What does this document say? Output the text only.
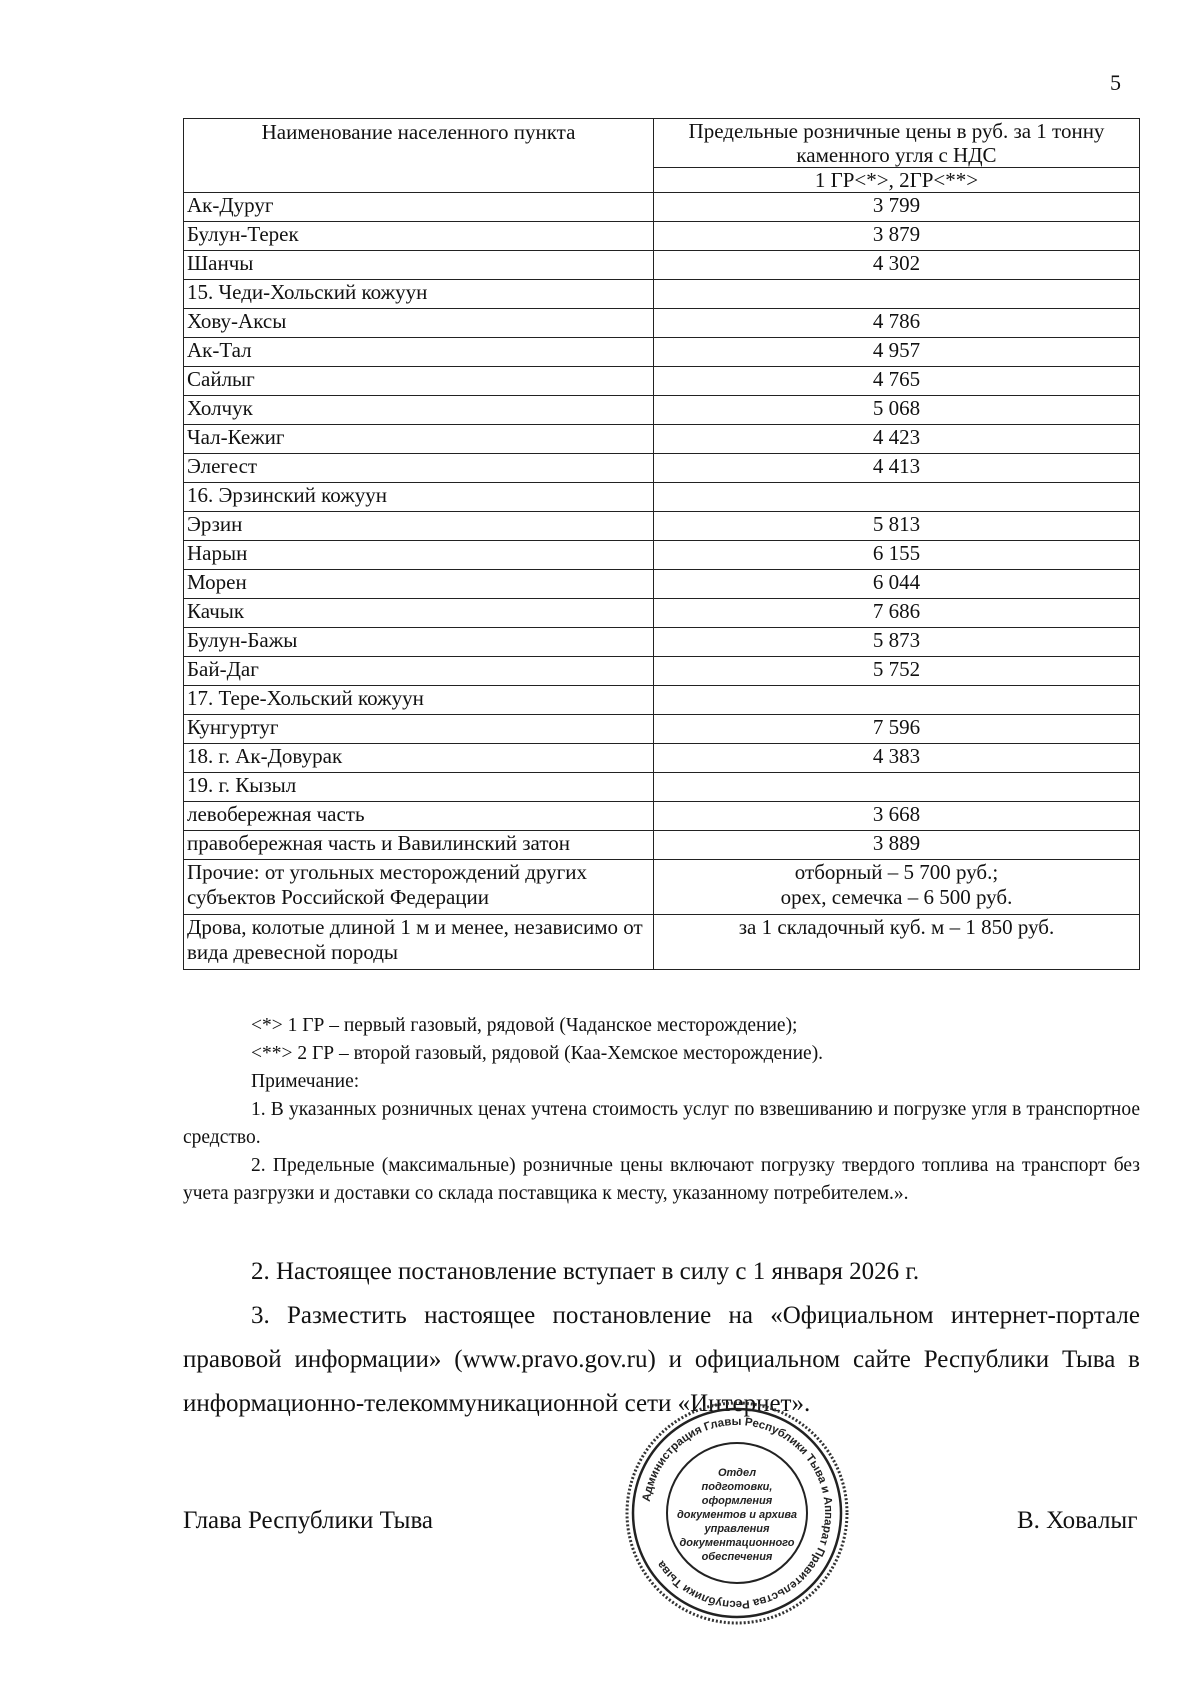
5
Наименование населенного пункта	Предельные розничные цены в руб. за 1 тонну каменного угля с НДС
	1 ГР<*>, 2ГР<**>
Ак-Дуруг	3 799
Булун-Терек	3 879
Шанчы	4 302
15. Чеди-Хольский кожуун	
Хову-Аксы	4 786
Ак-Тал	4 957
Сайлыг	4 765
Холчук	5 068
Чал-Кежиг	4 423
Элегест	4 413
16. Эрзинский кожуун	
Эрзин	5 813
Нарын	6 155
Морен	6 044
Качык	7 686
Булун-Бажы	5 873
Бай-Даг	5 752
17. Тере-Хольский кожуун	
Кунгуртуг	7 596
18. г. Ак-Довурак	4 383
19. г. Кызыл	
левобережная часть	3 668
правобережная часть и Вавилинский затон	3 889
Прочие: от угольных месторождений других субъектов Российской Федерации	отборный – 5 700 руб.;
орех, семечка – 6 500 руб.

Дрова, колотые длиной 1 м и менее, независимо от вида древесной породы	за 1 складочный куб. м – 1 850 руб.

<*> 1 ГР – первый газовый, рядовой (Чаданское месторождение);

<**> 2 ГР – второй газовый, рядовой (Каа-Хемское месторождение).

Примечание:

1. В указанных розничных ценах учтена стоимость услуг по взвешиванию и погрузке угля в транспортное средство.

2. Предельные (максимальные) розничные цены включают погрузку твердого топлива на транспорт без учета разгрузки и доставки со склада поставщика к месту, указанному потребителем.».

2. Настоящее постановление вступает в силу с 1 января 2026 г.

3. Разместить настоящее постановление на «Официальном интернет-портале правовой информации» (www.pravo.gov.ru) и официальном сайте Республики Тыва в информационно-телекоммуникационной сети «Интернет».

Глава Республики Тыва	В. Ховалыг
Администрация Главы Республики Тыва и Аппарат Правительства Республики Тыва
Отдел
подготовки,
оформления
документов и архива
управления
документационного
обеспечения
